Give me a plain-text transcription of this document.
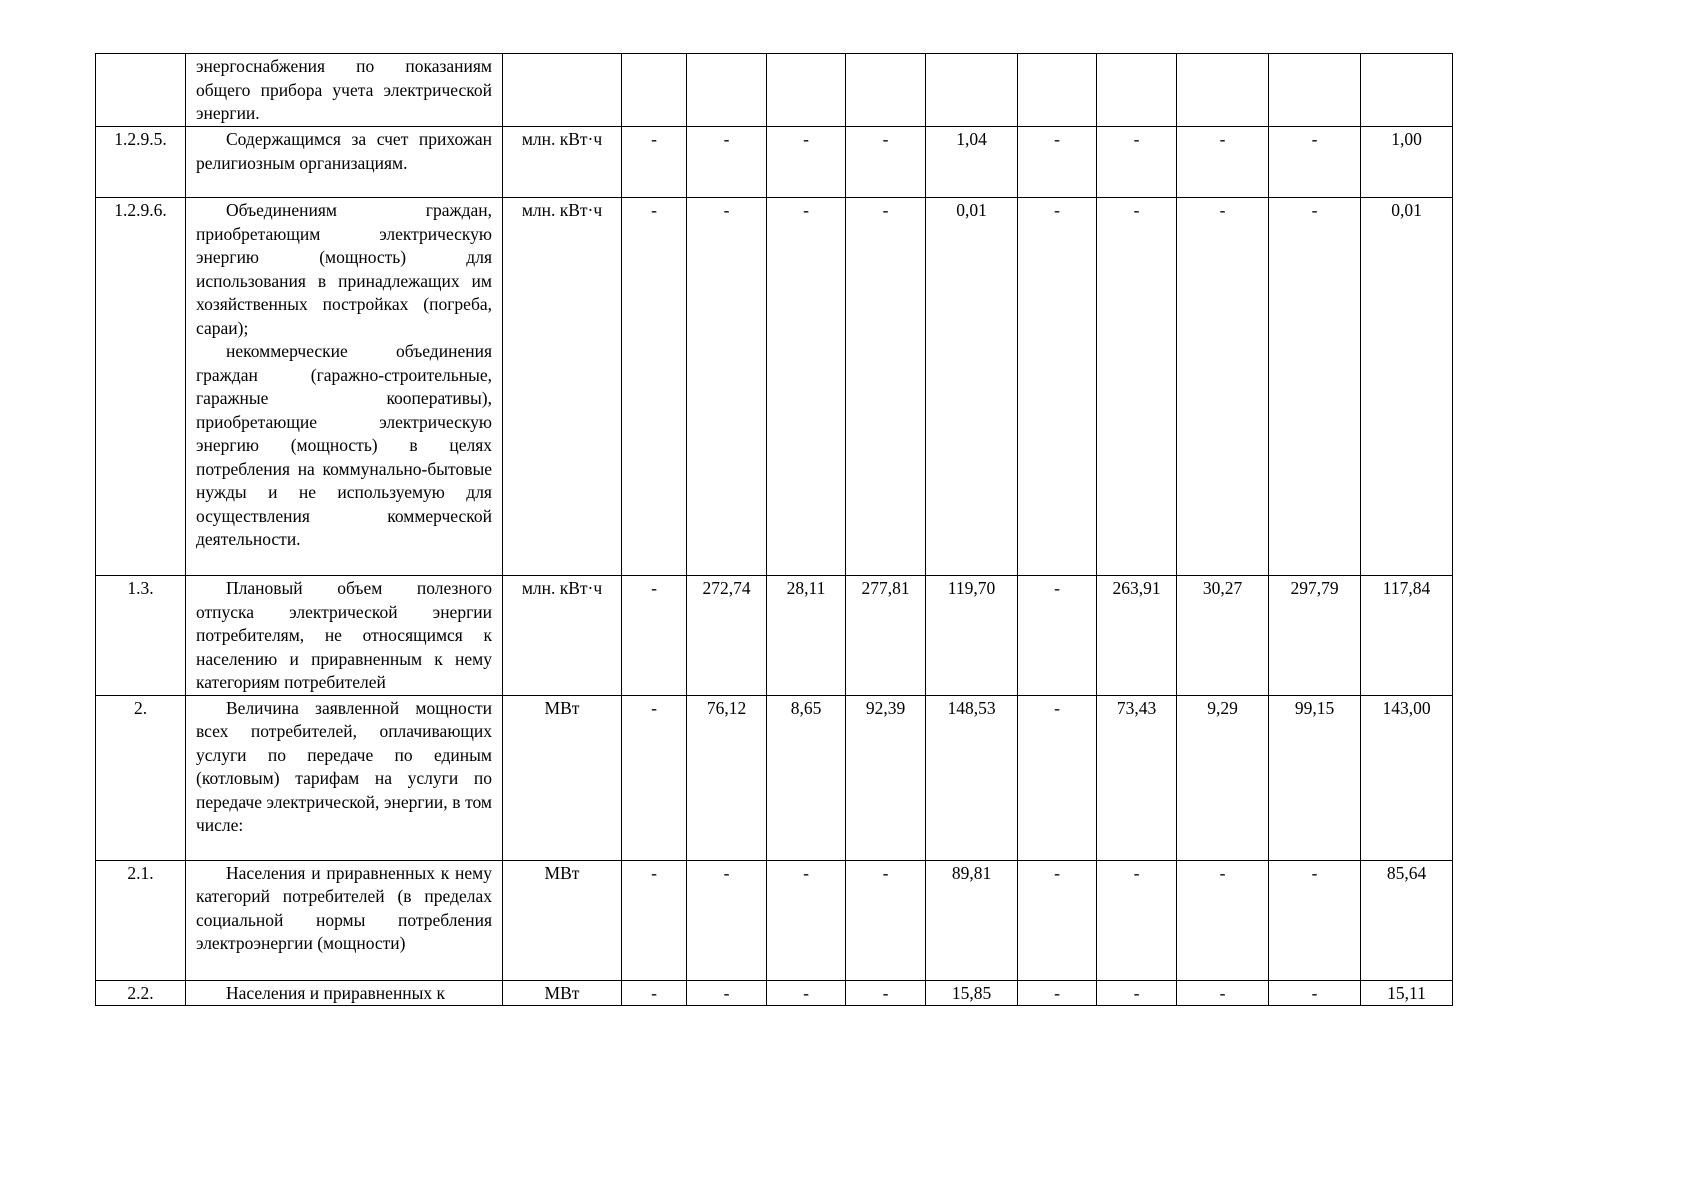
	энергоснабжения по показаниям общего прибора учета электрической энергии.											

1.2.9.5.	Содержащимся за счет прихожан религиозным организациям.	млн. кВт·ч	-	-	-	-	1,04	-	-	-	-	1,00
1.2.9.6.	Объединениям граждан, приобретающим электрическую энергию (мощность) для использования в принадлежащих им хозяйственных постройках (погреба, сараи);
некоммерческие объединения граждан (гаражно-строительные, гаражные кооперативы), приобретающие электрическую энергию (мощность) в целях потребления на коммунально-бытовые нужды и не используемую для осуществления коммерческой деятельности.	млн. кВт·ч	-	-	-	-	0,01	-	-	-	-	0,01
1.3.	Плановый объем полезного отпуска электрической энергии потребителям, не относящимся к населению и приравненным к нему категориям потребителей	млн. кВт·ч	-	272,74	28,11	277,81	119,70	-	263,91	30,27	297,79	117,84
2.	Величина заявленной мощности всех потребителей, оплачивающих услуги по передаче по единым (котловым) тарифам на услуги по передаче электрической, энергии, в том числе:	МВт	-	76,12	8,65	92,39	148,53	-	73,43	9,29	99,15	143,00
2.1.	Населения и приравненных к нему категорий потребителей (в пределах социальной нормы потребления электроэнергии (мощности)	МВт	-	-	-	-	89,81	-	-	-	-	85,64
2.2.	Населения и приравненных к	МВт	-	-	-	-	15,85	-	-	-	-	15,11
